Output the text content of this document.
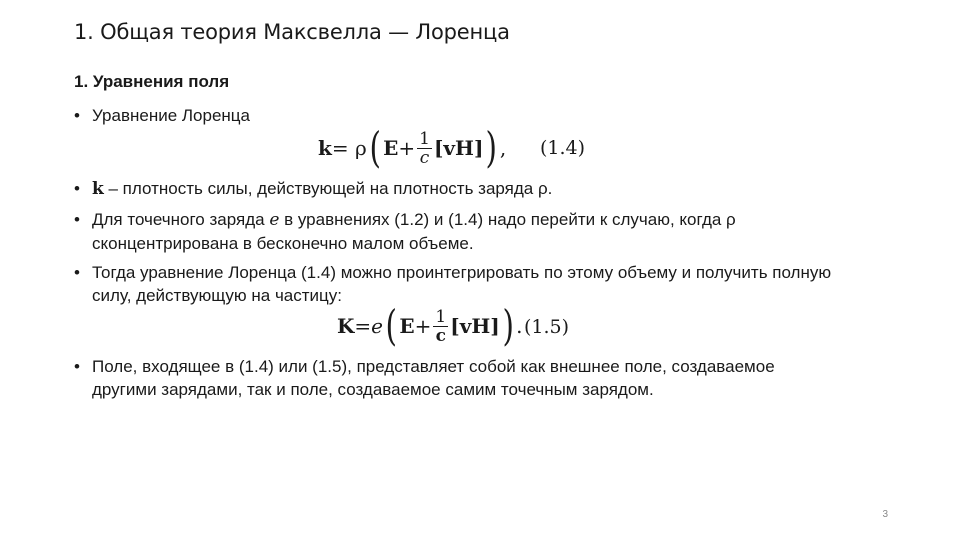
1. Общая теория Максвелла — Лоренца
1. Уравнения поля
• Уравнение Лоренца
k = ρ ( $E + \frac{1}{c} [vH]$ ) , (1.4)
• k – плотность силы, действующей на плотность заряда ρ.
• Для точечного заряда e в уравнениях (1.2) и (1.4) надо перейти к случаю, когда ρ сконцентрирована в бесконечно малом объеме.
• Тогда уравнение Лоренца (1.4) можно проинтегрировать по этому объему и получить полную силу, действующую на частицу:
K = e ( $E + \frac{1}{c} [vH]$ ) . (1.5)
• Поле, входящее в (1.4) или (1.5), представляет собой как внешнее поле, создаваемое другими зарядами, так и поле, создаваемое самим точечным зарядом.
3
